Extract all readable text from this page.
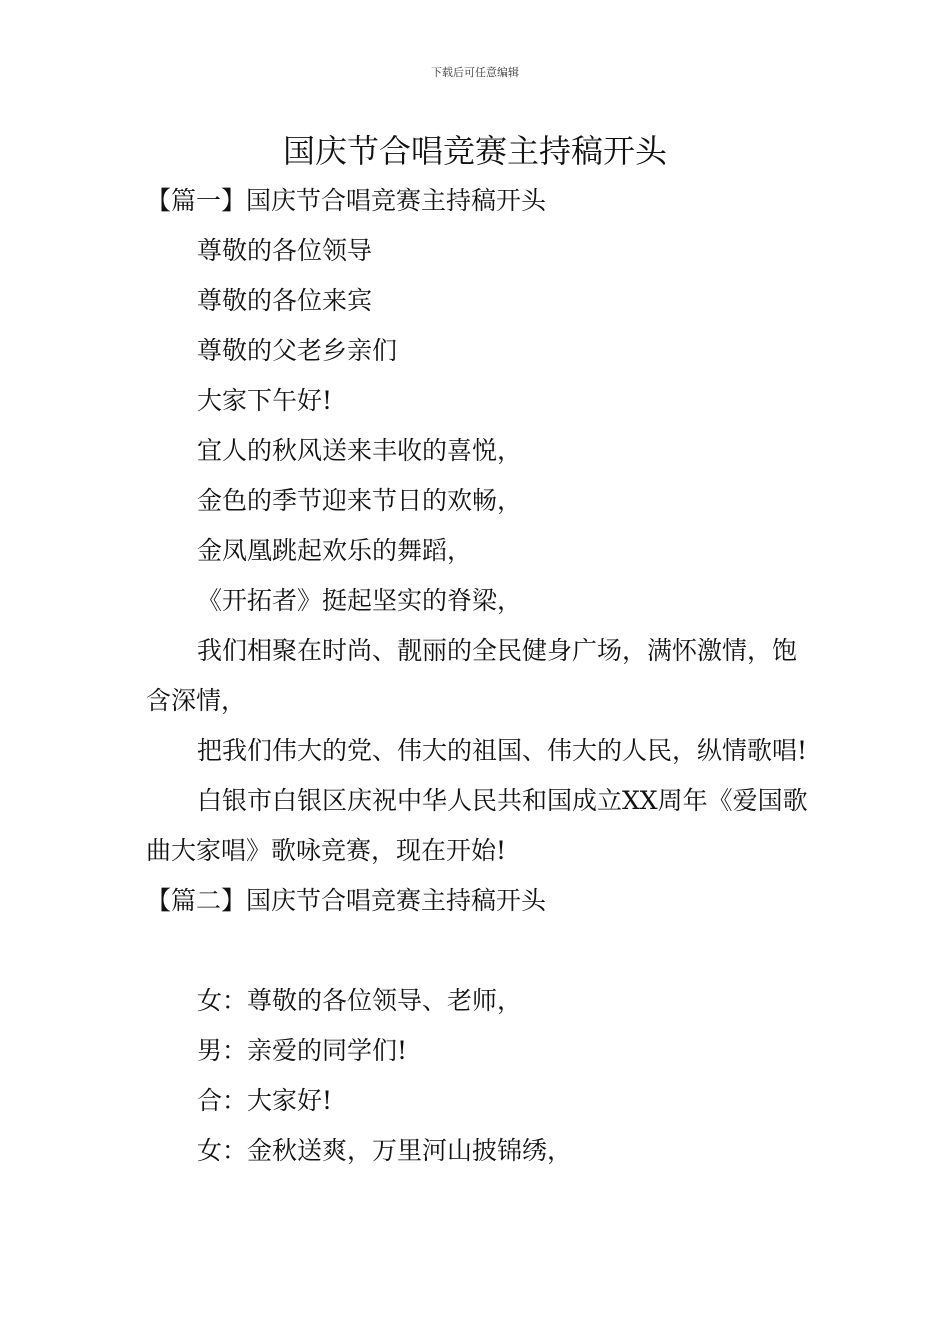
下载后可任意编辑
国庆节合唱竞赛主持稿开头
【篇一】国庆节合唱竞赛主持稿开头
尊敬的各位领导
尊敬的各位来宾
尊敬的父老乡亲们
大家下午好!
宜人的秋风送来丰收的喜悦，
金色的季节迎来节日的欢畅，
金凤凰跳起欢乐的舞蹈，
《开拓者》挺起坚实的脊梁，
我们相聚在时尚、靓丽的全民健身广场，满怀激情，饱含深情，
把我们伟大的党、伟大的祖国、伟大的人民，纵情歌唱!
白银市白银区庆祝中华人民共和国成立XX周年《爱国歌曲大家唱》歌咏竞赛，现在开始!
【篇二】国庆节合唱竞赛主持稿开头
女：尊敬的各位领导、老师，
男：亲爱的同学们!
合：大家好!
女：金秋送爽，万里河山披锦绣，
